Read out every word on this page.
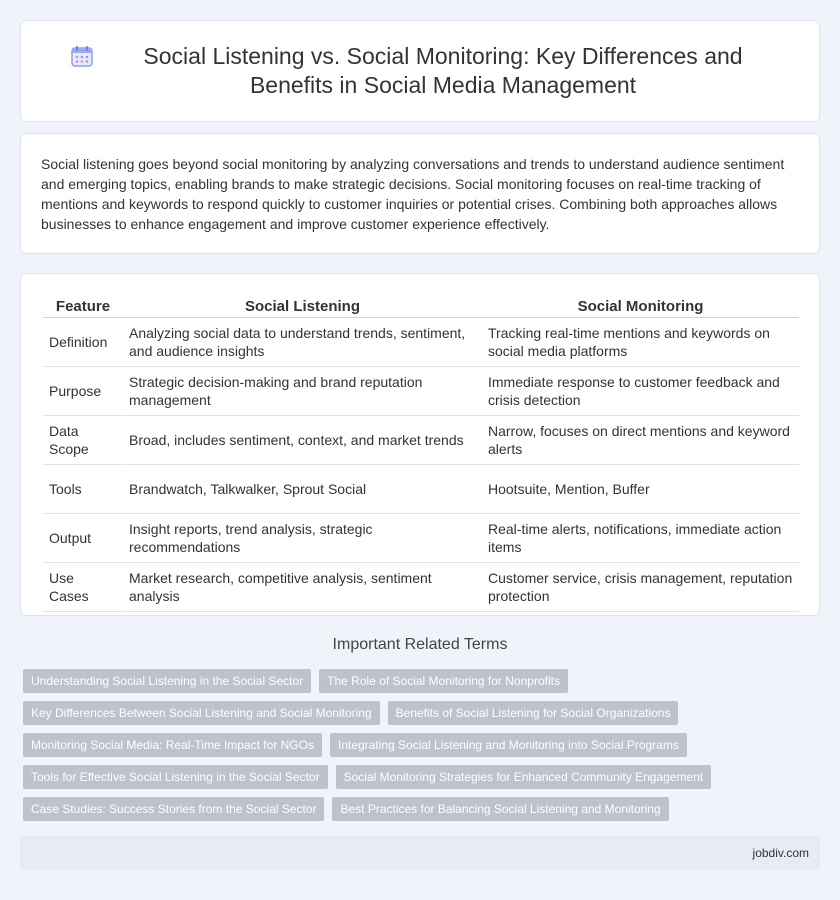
Social Listening vs. Social Monitoring: Key Differences and Benefits in Social Media Management

Social listening goes beyond social monitoring by analyzing conversations and trends to understand audience sentiment and emerging topics, enabling brands to make strategic decisions. Social monitoring focuses on real-time tracking of mentions and keywords to respond quickly to customer inquiries or potential crises. Combining both approaches allows businesses to enhance engagement and improve customer experience effectively.

Feature	Social Listening	Social Monitoring
Definition	Analyzing social data to understand trends, sentiment, and audience insights	Tracking real-time mentions and keywords on social media platforms
Purpose	Strategic decision-making and brand reputation management	Immediate response to customer feedback and crisis detection
Data Scope	Broad, includes sentiment, context, and market trends	Narrow, focuses on direct mentions and keyword alerts
Tools	Brandwatch, Talkwalker, Sprout Social	Hootsuite, Mention, Buffer
Output	Insight reports, trend analysis, strategic recommendations	Real-time alerts, notifications, immediate action items
Use Cases	Market research, competitive analysis, sentiment analysis	Customer service, crisis management, reputation protection
Important Related Terms
Understanding Social Listening in the Social Sector	The Role of Social Monitoring for Nonprofits
Key Differences Between Social Listening and Social Monitoring	Benefits of Social Listening for Social Organizations
Monitoring Social Media: Real-Time Impact for NGOs	Integrating Social Listening and Monitoring into Social Programs
Tools for Effective Social Listening in the Social Sector	Social Monitoring Strategies for Enhanced Community Engagement
Case Studies: Success Stories from the Social Sector	Best Practices for Balancing Social Listening and Monitoring
jobdiv.com
